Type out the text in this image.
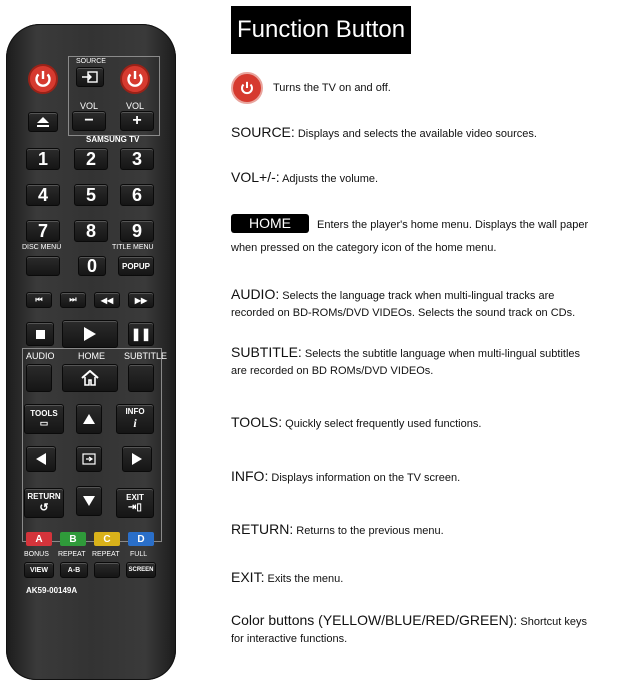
SOURCE
VOL	VOL
−	+
SAMSUNG TV
1	2	3
4	5	6
7	8	9
DISC MENU	TITLE MENU
0	POPUP
⏮	⏭	◀◀	▶▶
❚❚
AUDIO	HOME SUBTITLE
TOOLS
▭
INFO
i
RETURN
↺
EXIT
⇥▯
A	B	C	D
BONUS REPEAT REPEAT FULL
VIEW	A-B	SCREEN
AK59-00149A
Function Button
Turns the TV on and off.
SOURCE: Displays and selects the available video sources.
VOL+/-: Adjusts the volume.
HOME Enters the player's home menu. Displays the wall paper
when pressed on the category icon of the home menu.
AUDIO: Selects the language track when multi-lingual tracks are
recorded on BD-ROMs/DVD VIDEOs. Selects the sound track on CDs.
SUBTITLE: Selects the subtitle language when multi-lingual subtitles
are recorded on BD ROMs/DVD VIDEOs.
TOOLS: Quickly select frequently used functions.
INFO: Displays information on the TV screen.
RETURN: Returns to the previous menu.
EXIT: Exits the menu.
Color buttons (YELLOW/BLUE/RED/GREEN): Shortcut keys
for interactive functions.
